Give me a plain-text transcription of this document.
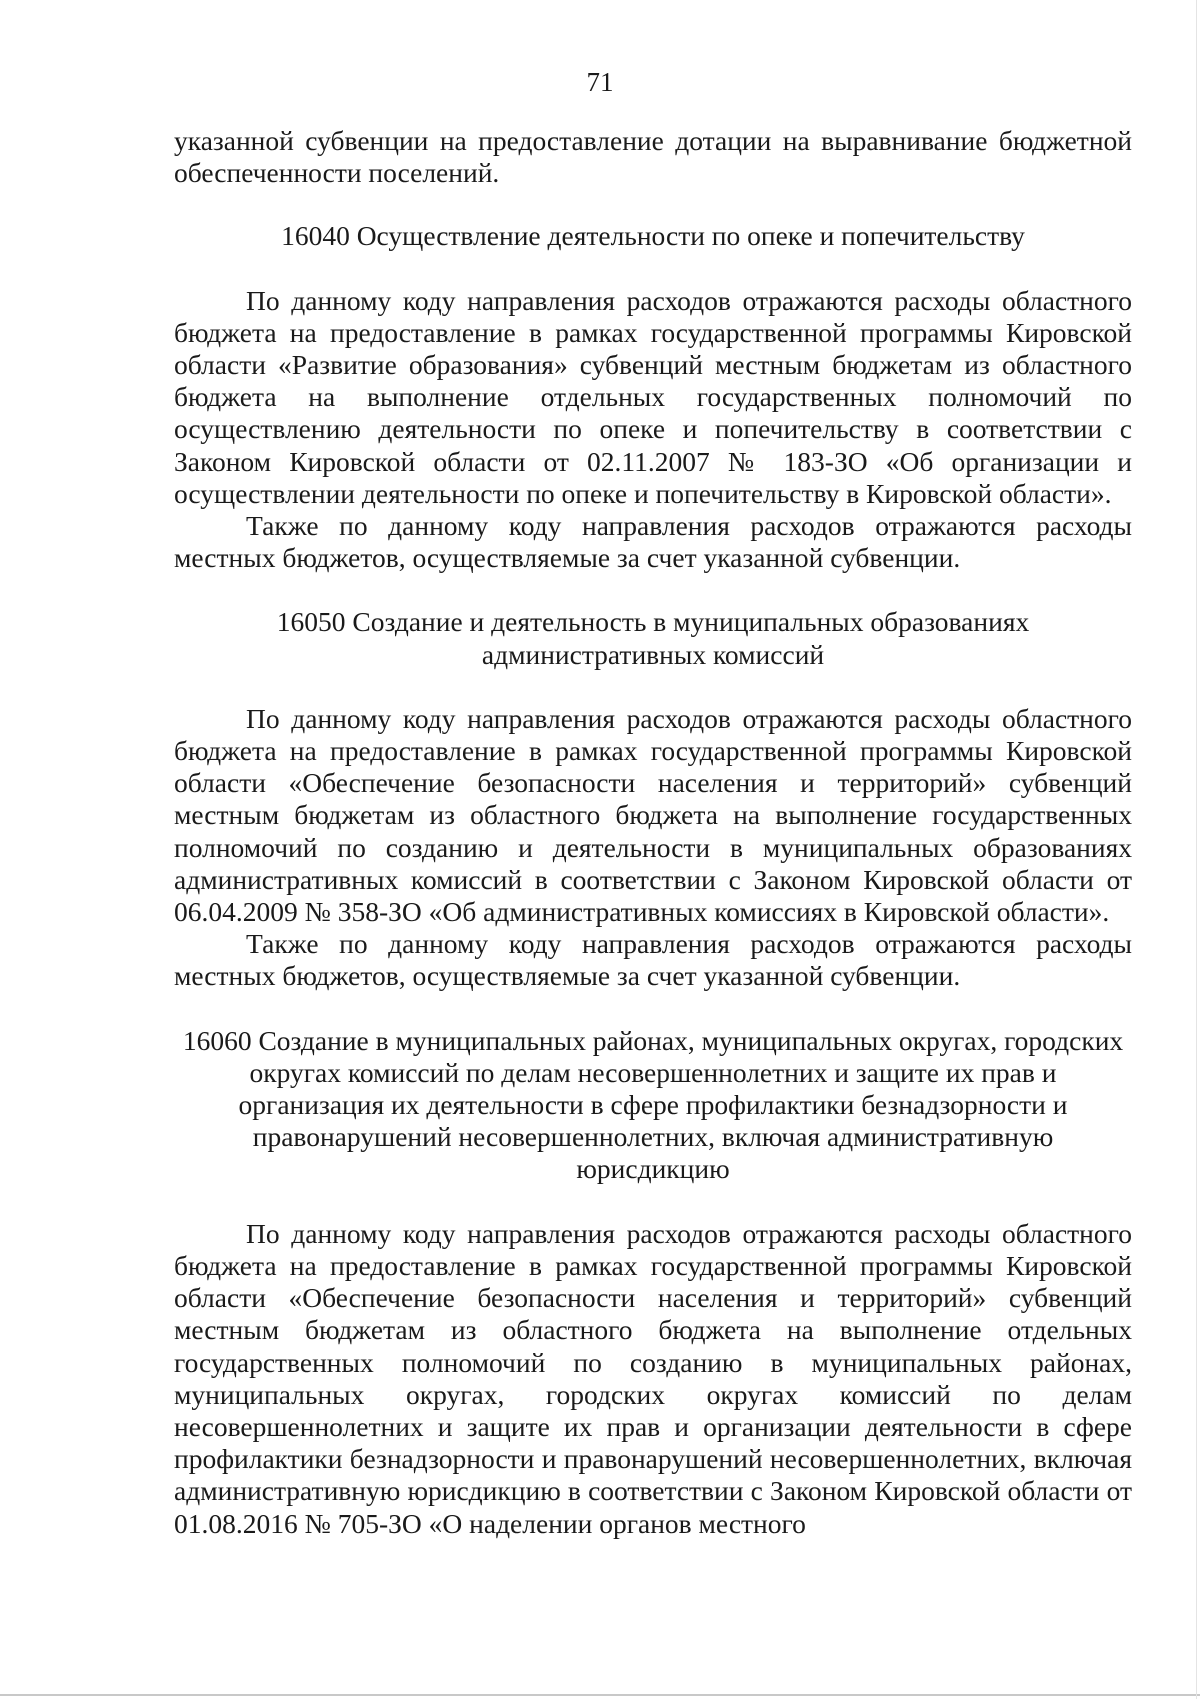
71

указанной субвенции на предоставление дотации на выравнивание бюджетной обеспеченности поселений.

16040 Осуществление деятельности по опеке и попечительству

По данному коду направления расходов отражаются расходы областного бюджета на предоставление в рамках государственной программы Кировской области «Развитие образования» субвенций местным бюджетам из областного бюджета на выполнение отдельных государственных полномочий по осуществлению деятельности по опеке и попечительству в соответствии с Законом Кировской области от 02.11.2007 № 183-ЗО «Об организации и осуществлении деятельности по опеке и попечительству в Кировской области».

Также по данному коду направления расходов отражаются расходы местных бюджетов, осуществляемые за счет указанной субвенции.

16050 Создание и деятельность в муниципальных образованиях административных комиссий

По данному коду направления расходов отражаются расходы областного бюджета на предоставление в рамках государственной программы Кировской области «Обеспечение безопасности населения и территорий» субвенций местным бюджетам из областного бюджета на выполнение государственных полномочий по созданию и деятельности в муниципальных образованиях административных комиссий в соответствии с Законом Кировской области от 06.04.2009 № 358-ЗО «Об административных комиссиях в Кировской области».

Также по данному коду направления расходов отражаются расходы местных бюджетов, осуществляемые за счет указанной субвенции.

16060 Создание в муниципальных районах, муниципальных округах, городских округах комиссий по делам несовершеннолетних и защите их прав и организация их деятельности в сфере профилактики безнадзорности и правонарушений несовершеннолетних, включая административную юрисдикцию

По данному коду направления расходов отражаются расходы областного бюджета на предоставление в рамках государственной программы Кировской области «Обеспечение безопасности населения и территорий» субвенций местным бюджетам из областного бюджета на выполнение отдельных государственных полномочий по созданию в муниципальных районах, муниципальных округах, городских округах комиссий по делам несовершеннолетних и защите их прав и организации деятельности в сфере профилактики безнадзорности и правонарушений несовершеннолетних, включая административную юрисдикцию в соответствии с Законом Кировской области от 01.08.2016 № 705-ЗО «О наделении органов местного
